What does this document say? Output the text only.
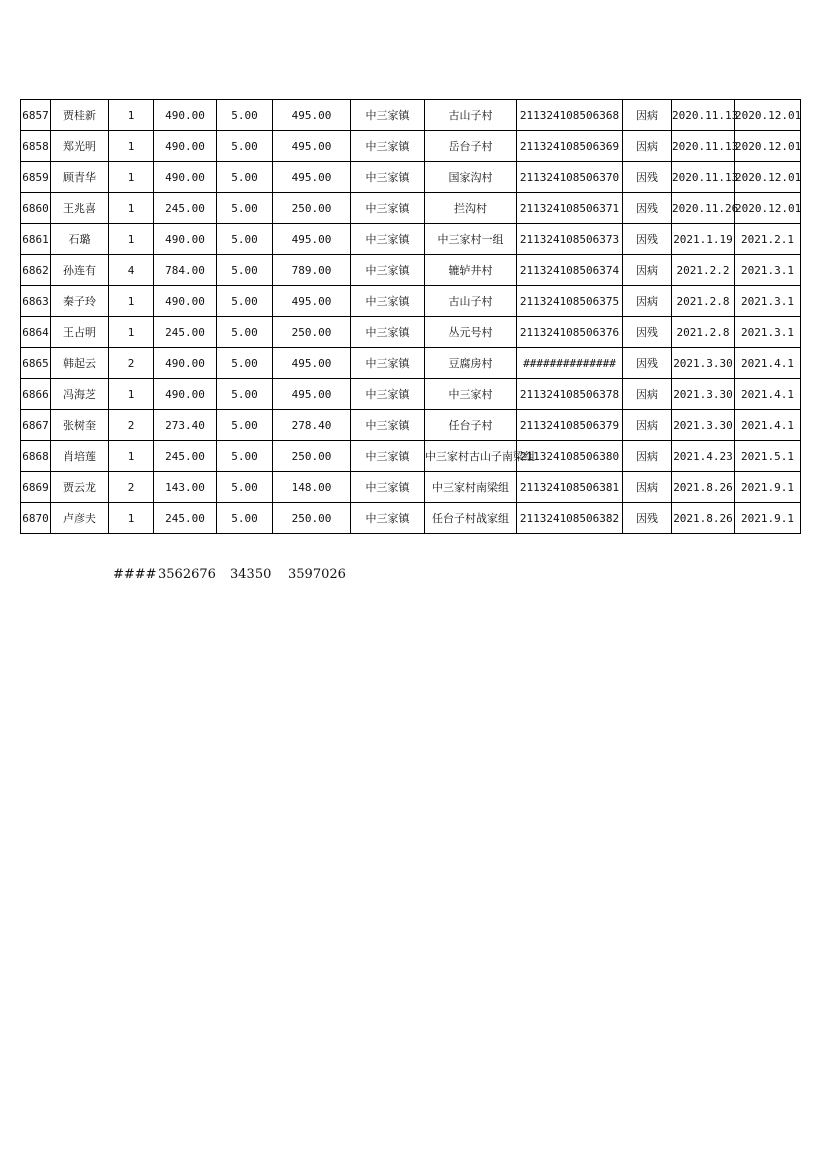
6857	贾桂新	1	490.00	5.00	495.00	中三家镇	古山子村	211324108506368	因病	2020.11.13	2020.12.01
6858	郑光明	1	490.00	5.00	495.00	中三家镇	岳台子村	211324108506369	因病	2020.11.13	2020.12.01
6859	顾青华	1	490.00	5.00	495.00	中三家镇	国家沟村	211324108506370	因残	2020.11.13	2020.12.01
6860	王兆喜	1	245.00	5.00	250.00	中三家镇	拦沟村	211324108506371	因残	2020.11.26	2020.12.01
6861	石璐	1	490.00	5.00	495.00	中三家镇	中三家村一组	211324108506373	因残	2021.1.19	2021.2.1
6862	孙连有	4	784.00	5.00	789.00	中三家镇	辘轳井村	211324108506374	因病	2021.2.2	2021.3.1
6863	秦子玲	1	490.00	5.00	495.00	中三家镇	古山子村	211324108506375	因病	2021.2.8	2021.3.1
6864	王占明	1	245.00	5.00	250.00	中三家镇	丛元号村	211324108506376	因残	2021.2.8	2021.3.1
6865	韩起云	2	490.00	5.00	495.00	中三家镇	豆腐房村	##############	因残	2021.3.30	2021.4.1
6866	冯海芝	1	490.00	5.00	495.00	中三家镇	中三家村	211324108506378	因病	2021.3.30	2021.4.1
6867	张树奎	2	273.40	5.00	278.40	中三家镇	任台子村	211324108506379	因病	2021.3.30	2021.4.1
6868	肖培莲	1	245.00	5.00	250.00	中三家镇	中三家村古山子南梁组	211324108506380	因病	2021.4.23	2021.5.1
6869	贾云龙	2	143.00	5.00	148.00	中三家镇	中三家村南梁组	211324108506381	因病	2021.8.26	2021.9.1
6870	卢彦夫	1	245.00	5.00	250.00	中三家镇	任台子村战家组	211324108506382	因残	2021.8.26	2021.9.1
#### 3562676 34350 3597026
